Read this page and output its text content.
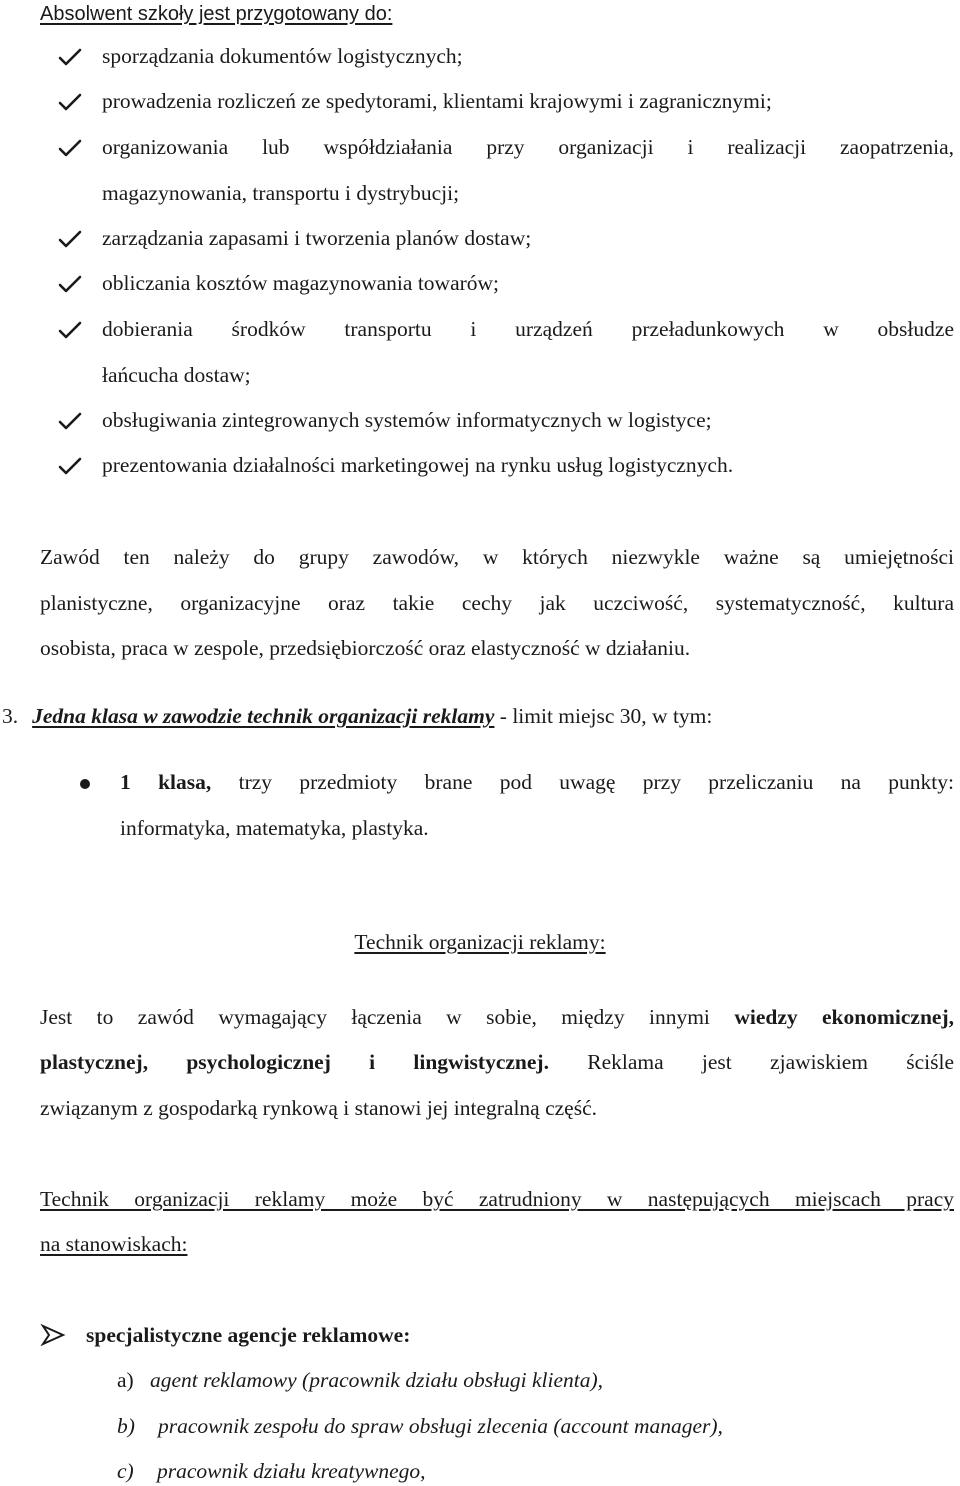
Absolwent szkoły jest przygotowany do:
sporządzania dokumentów logistycznych;
prowadzenia rozliczeń ze spedytorami, klientami krajowymi i zagranicznymi;
organizowania lub współdziałania przy organizacji i realizacji zaopatrzenia,
magazynowania, transportu i dystrybucji;
zarządzania zapasami i tworzenia planów dostaw;
obliczania kosztów magazynowania towarów;
dobierania środków transportu i urządzeń przeładunkowych w obsłudze
łańcucha dostaw;
obsługiwania zintegrowanych systemów informatycznych w logistyce;
prezentowania działalności marketingowej na rynku usług logistycznych.
Zawód ten należy do grupy zawodów, w których niezwykle ważne są umiejętności
planistyczne, organizacyjne oraz takie cechy jak uczciwość, systematyczność, kultura
osobista, praca w zespole, przedsiębiorczość oraz elastyczność w działaniu.
3. Jedna klasa w zawodzie technik organizacji reklamy - limit miejsc 30, w tym:
1 klasa, trzy przedmioty brane pod uwagę przy przeliczaniu na punkty:
informatyka, matematyka, plastyka.
Technik organizacji reklamy:
Jest to zawód wymagający łączenia w sobie, między innymi wiedzy ekonomicznej,
plastycznej, psychologicznej i lingwistycznej. Reklama jest zjawiskiem ściśle
związanym z gospodarką rynkową i stanowi jej integralną część.
Technik organizacji reklamy może być zatrudniony w następujących miejscach pracy
na stanowiskach:
specjalistyczne agencje reklamowe:
a) agent reklamowy (pracownik działu obsługi klienta),
b) pracownik zespołu do spraw obsługi zlecenia (account manager),
c) pracownik działu kreatywnego,
